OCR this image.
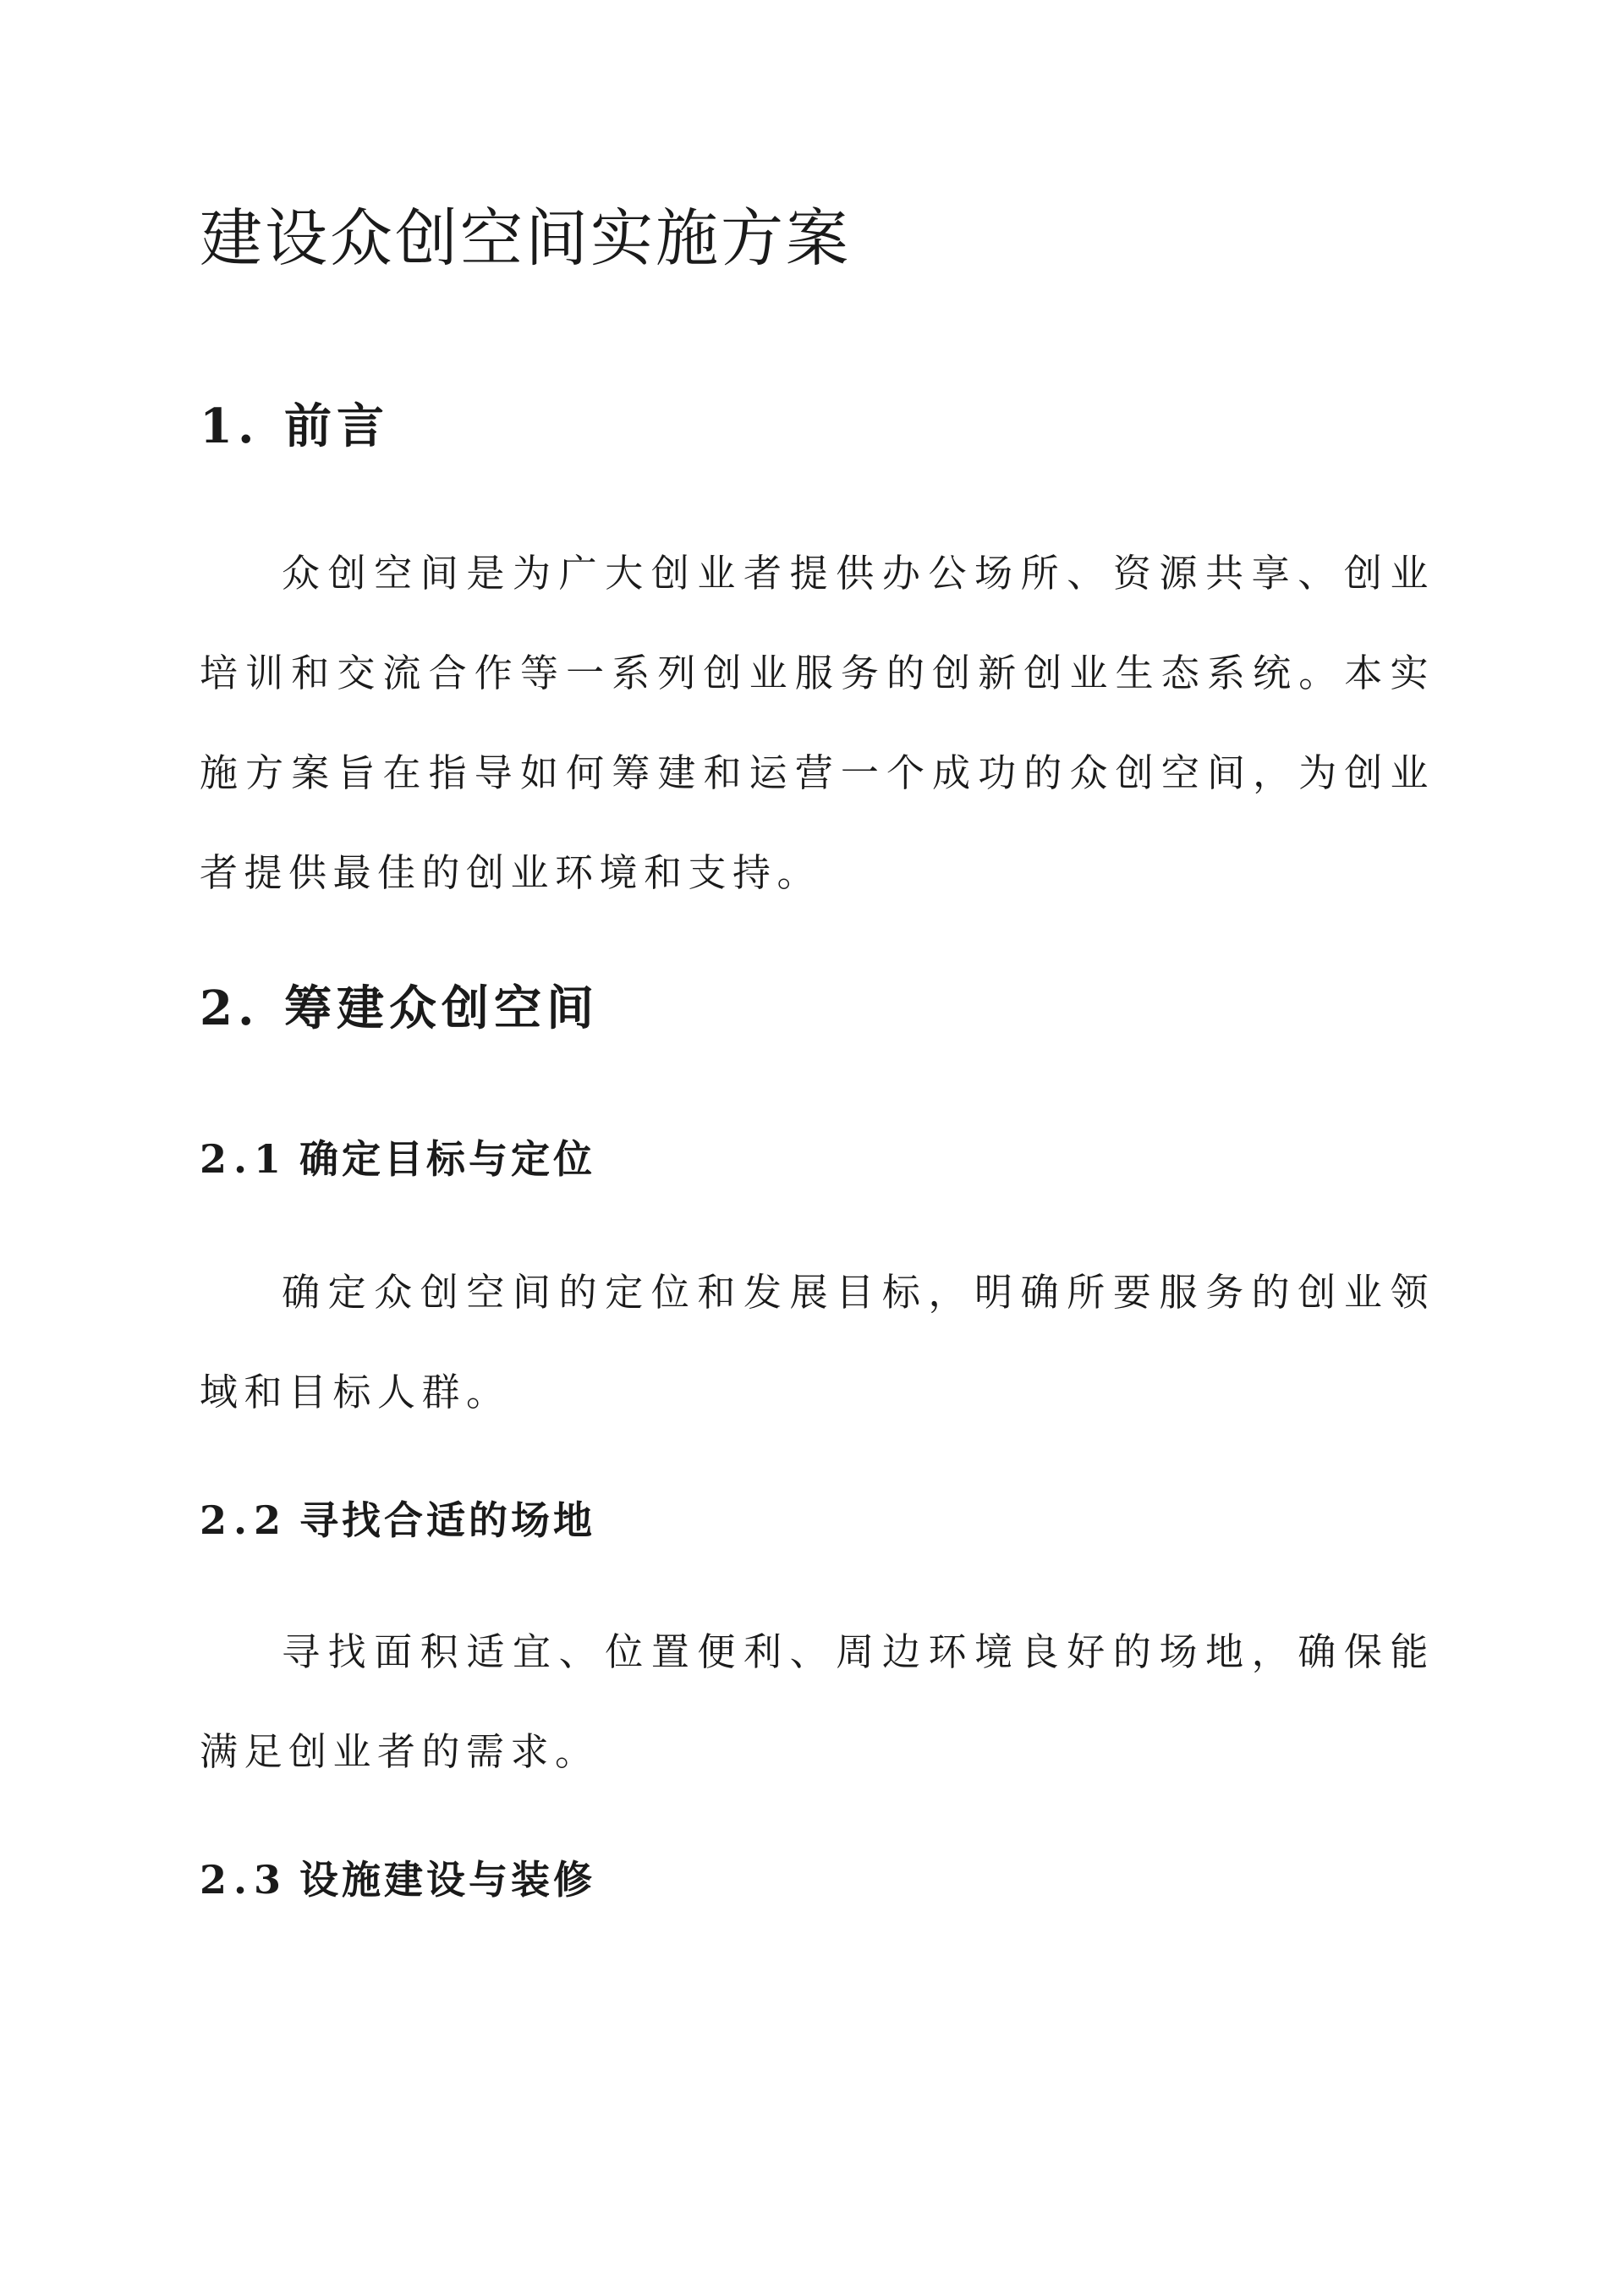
建设众创空间实施方案
1. 前言

众创空间是为广大创业者提供办公场所、资源共享、创业培训和交流合作等一系列创业服务的创新创业生态系统。本实施方案旨在指导如何筹建和运营一个成功的众创空间，为创业者提供最佳的创业环境和支持。

2. 筹建众创空间
2.1 确定目标与定位

确定众创空间的定位和发展目标，明确所要服务的创业领域和目标人群。

2.2 寻找合适的场地

寻找面积适宜、位置便利、周边环境良好的场地，确保能满足创业者的需求。

2.3 设施建设与装修
